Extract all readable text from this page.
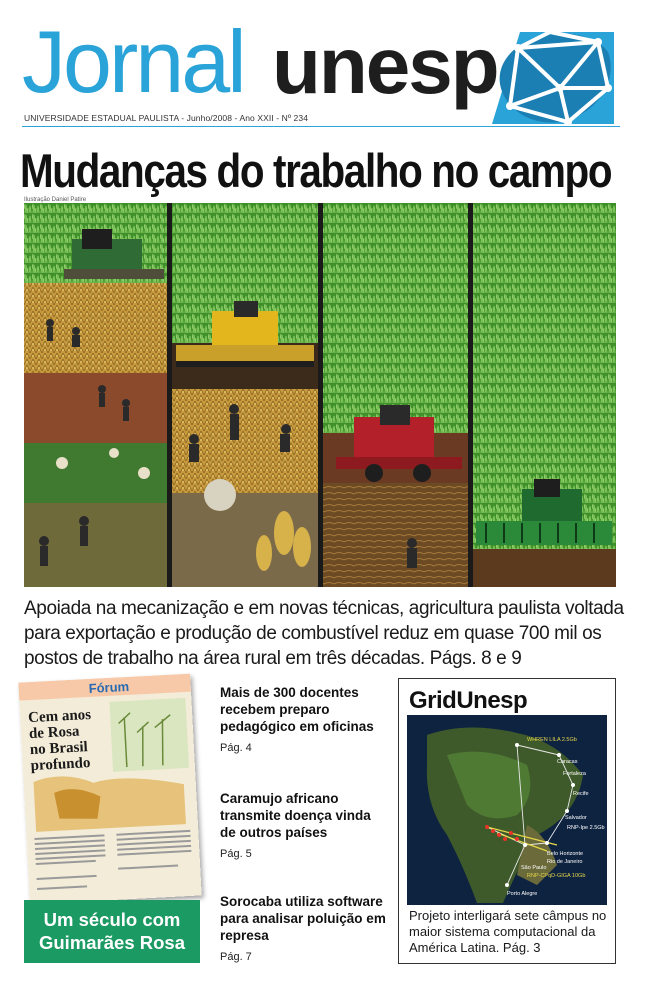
Jornal unesp
UNIVERSIDADE ESTADUAL PAULISTA - Junho/2008 - Ano XXII - Nº 234
Mudanças do trabalho no campo
Ilustração Daniel Patire
Apoiada na mecanização e em novas técnicas, agricultura paulista voltada para exportação e produção de combustível reduz em quase 700 mil os postos de trabalho na área rural em três décadas. Págs. 8 e 9
Fórum
Cem anos de Rosa no Brasil profundo
Um século com Guimarães Rosa

Mais de 300 docentes recebem preparo pedagógico em oficinas

Pág. 4

Caramujo africano transmite doença vinda de outros países

Pág. 5

Sorocaba utiliza software para analisar poluição em represa

Pág. 7
GridUnesp
WHREN LILA 2.5Gb
Caracas
Fortaleza
Recife
Salvador
RNP-Ipe 2.5Gb
Belo Horizonte
Rio de Janeiro
São Paulo
RNP-CPqD-GIGA 10Gb
Porto Alegre
Projeto interligará sete câmpus no maior sistema computacional da América Latina. Pág. 3
